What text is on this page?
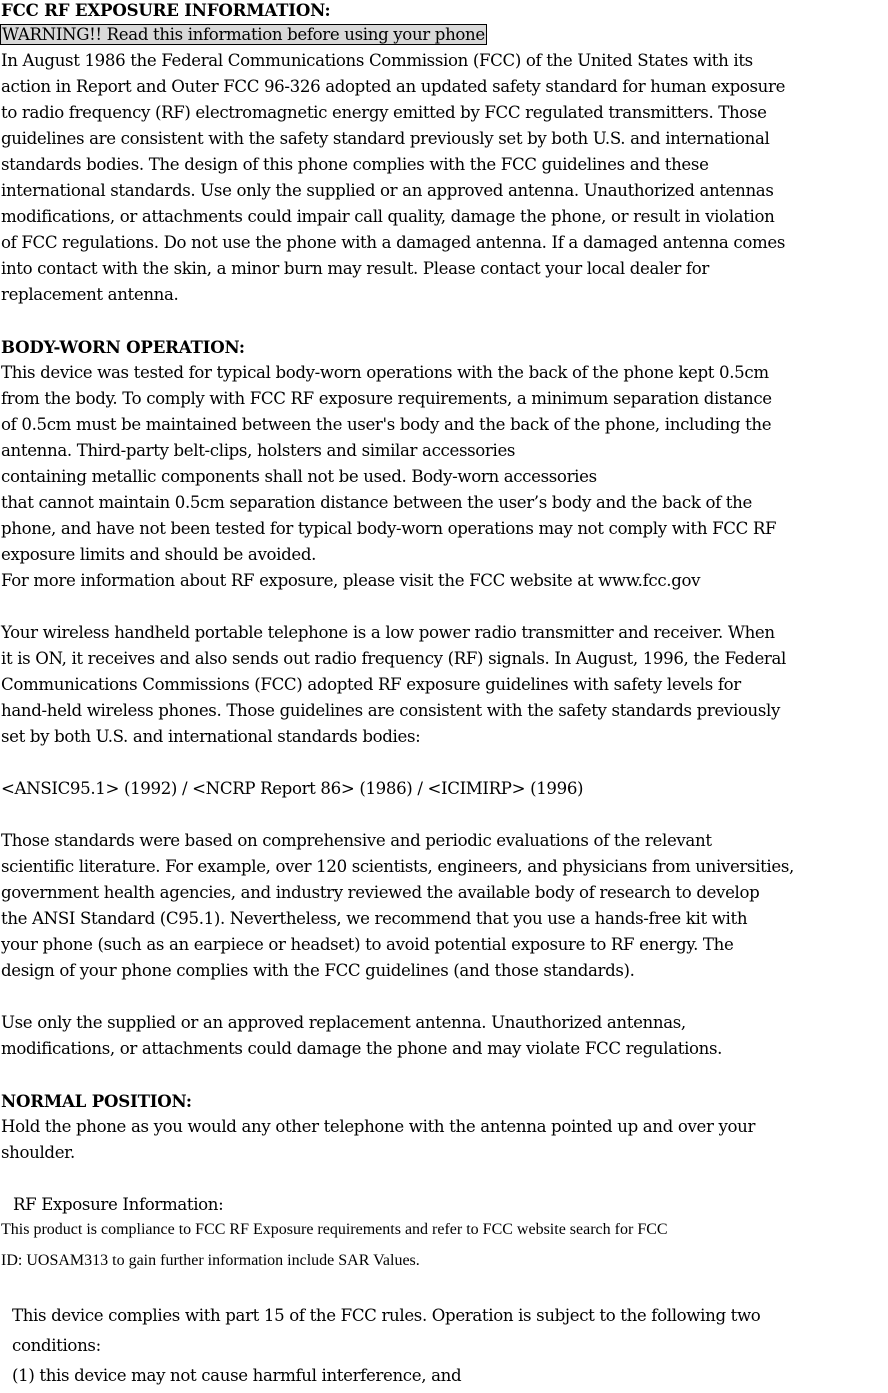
FCC RF EXPOSURE INFORMATION:
WARNING!! Read this information before using your phone
In August 1986 the Federal Communications Commission (FCC) of the United States with its
action in Report and Outer FCC 96-326 adopted an updated safety standard for human exposure
to radio frequency (RF) electromagnetic energy emitted by FCC regulated transmitters. Those
guidelines are consistent with the safety standard previously set by both U.S. and international
standards bodies. The design of this phone complies with the FCC guidelines and these
international standards. Use only the supplied or an approved antenna. Unauthorized antennas
modifications, or attachments could impair call quality, damage the phone, or result in violation
of FCC regulations. Do not use the phone with a damaged antenna. If a damaged antenna comes
into contact with the skin, a minor burn may result. Please contact your local dealer for
replacement antenna.
BODY-WORN OPERATION:
This device was tested for typical body-worn operations with the back of the phone kept 0.5cm
from the body. To comply with FCC RF exposure requirements, a minimum separation distance
of 0.5cm must be maintained between the user's body and the back of the phone, including the
antenna. Third-party belt-clips, holsters and similar accessories
containing metallic components shall not be used. Body-worn accessories
that cannot maintain 0.5cm separation distance between the user’s body and the back of the
phone, and have not been tested for typical body-worn operations may not comply with FCC RF
exposure limits and should be avoided.
For more information about RF exposure, please visit the FCC website at www.fcc.gov
Your wireless handheld portable telephone is a low power radio transmitter and receiver. When
it is ON, it receives and also sends out radio frequency (RF) signals. In August, 1996, the Federal
Communications Commissions (FCC) adopted RF exposure guidelines with safety levels for
hand-held wireless phones. Those guidelines are consistent with the safety standards previously
set by both U.S. and international standards bodies:
<ANSIC95.1> (1992) / <NCRP Report 86> (1986) / <ICIMIRP> (1996)
Those standards were based on comprehensive and periodic evaluations of the relevant
scientific literature. For example, over 120 scientists, engineers, and physicians from universities,
government health agencies, and industry reviewed the available body of research to develop
the ANSI Standard (C95.1). Nevertheless, we recommend that you use a hands-free kit with
your phone (such as an earpiece or headset) to avoid potential exposure to RF energy. The
design of your phone complies with the FCC guidelines (and those standards).
Use only the supplied or an approved replacement antenna. Unauthorized antennas,
modifications, or attachments could damage the phone and may violate FCC regulations.
NORMAL POSITION:
Hold the phone as you would any other telephone with the antenna pointed up and over your
shoulder.
RF Exposure Information:
This product is compliance to FCC RF Exposure requirements and refer to FCC website search for FCC
ID: UOSAM313 to gain further information include SAR Values.
This device complies with part 15 of the FCC rules. Operation is subject to the following two
conditions:
(1) this device may not cause harmful interference, and
